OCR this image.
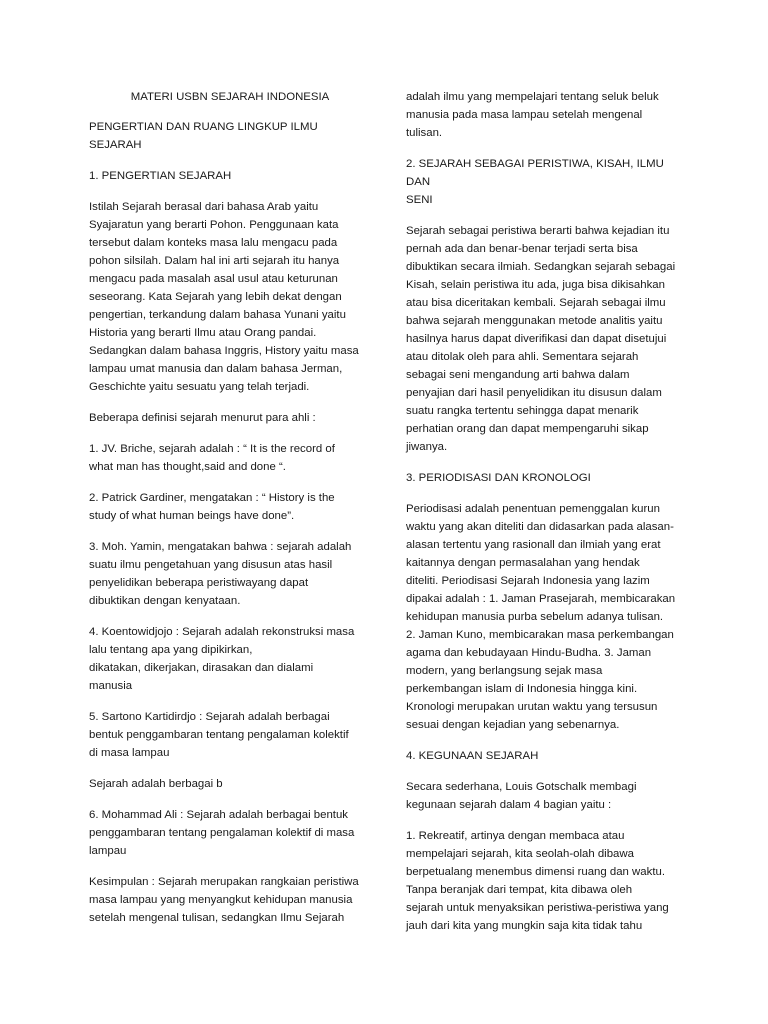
MATERI USBN SEJARAH INDONESIA

PENGERTIAN DAN RUANG LINGKUP ILMU SEJARAH

1. PENGERTIAN SEJARAH

Istilah Sejarah berasal dari bahasa Arab yaitu
Syajaratun yang berarti Pohon. Penggunaan kata
tersebut dalam konteks masa lalu mengacu pada
pohon silsilah. Dalam hal ini arti sejarah itu hanya
mengacu pada masalah asal usul atau keturunan
seseorang. Kata Sejarah yang lebih dekat dengan
pengertian, terkandung dalam bahasa Yunani yaitu
Historia yang berarti Ilmu atau Orang pandai.
Sedangkan dalam bahasa Inggris, History yaitu masa
lampau umat manusia dan dalam bahasa Jerman,
Geschichte yaitu sesuatu yang telah terjadi.

Beberapa definisi sejarah menurut para ahli :

1. JV. Briche, sejarah adalah : “ It is the record of
what man has thought,said and done “.

2. Patrick Gardiner, mengatakan : “ History is the
study of what human beings have done”.

3. Moh. Yamin, mengatakan bahwa : sejarah adalah
suatu ilmu pengetahuan yang disusun atas hasil
penyelidikan beberapa peristiwayang dapat
dibuktikan dengan kenyataan.

4. Koentowidjojo : Sejarah adalah rekonstruksi masa
lalu tentang apa yang dipikirkan,
dikatakan, dikerjakan, dirasakan dan dialami
manusia

5. Sartono Kartidirdjo : Sejarah adalah berbagai
bentuk penggambaran tentang pengalaman kolektif
di masa lampau

Sejarah adalah berbagai b

6. Mohammad Ali : Sejarah adalah berbagai bentuk
penggambaran tentang pengalaman kolektif di masa
lampau

Kesimpulan : Sejarah merupakan rangkaian peristiwa
masa lampau yang menyangkut kehidupan manusia
setelah mengenal tulisan, sedangkan Ilmu Sejarah

adalah ilmu yang mempelajari tentang seluk beluk
manusia pada masa lampau setelah mengenal
tulisan.

2. SEJARAH SEBAGAI PERISTIWA, KISAH, ILMU DAN
SENI

Sejarah sebagai peristiwa berarti bahwa kejadian itu
pernah ada dan benar-benar terjadi serta bisa
dibuktikan secara ilmiah. Sedangkan sejarah sebagai
Kisah, selain peristiwa itu ada, juga bisa dikisahkan
atau bisa diceritakan kembali. Sejarah sebagai ilmu
bahwa sejarah menggunakan metode analitis yaitu
hasilnya harus dapat diverifikasi dan dapat disetujui
atau ditolak oleh para ahli. Sementara sejarah
sebagai seni mengandung arti bahwa dalam
penyajian dari hasil penyelidikan itu disusun dalam
suatu rangka tertentu sehingga dapat menarik
perhatian orang dan dapat mempengaruhi sikap
jiwanya.

3. PERIODISASI DAN KRONOLOGI

Periodisasi adalah penentuan pemenggalan kurun
waktu yang akan diteliti dan didasarkan pada alasan-
alasan tertentu yang rasionall dan ilmiah yang erat
kaitannya dengan permasalahan yang hendak
diteliti. Periodisasi Sejarah Indonesia yang lazim
dipakai adalah : 1. Jaman Prasejarah, membicarakan
kehidupan manusia purba sebelum adanya tulisan.
2. Jaman Kuno, membicarakan masa perkembangan
agama dan kebudayaan Hindu-Budha. 3. Jaman
modern, yang berlangsung sejak masa
perkembangan islam di Indonesia hingga kini.
Kronologi merupakan urutan waktu yang tersusun
sesuai dengan kejadian yang sebenarnya.

4. KEGUNAAN SEJARAH

Secara sederhana, Louis Gotschalk membagi
kegunaan sejarah dalam 4 bagian yaitu :

1. Rekreatif, artinya dengan membaca atau
mempelajari sejarah, kita seolah-olah dibawa
berpetualang menembus dimensi ruang dan waktu.
Tanpa beranjak dari tempat, kita dibawa oleh
sejarah untuk menyaksikan peristiwa-peristiwa yang
jauh dari kita yang mungkin saja kita tidak tahu
